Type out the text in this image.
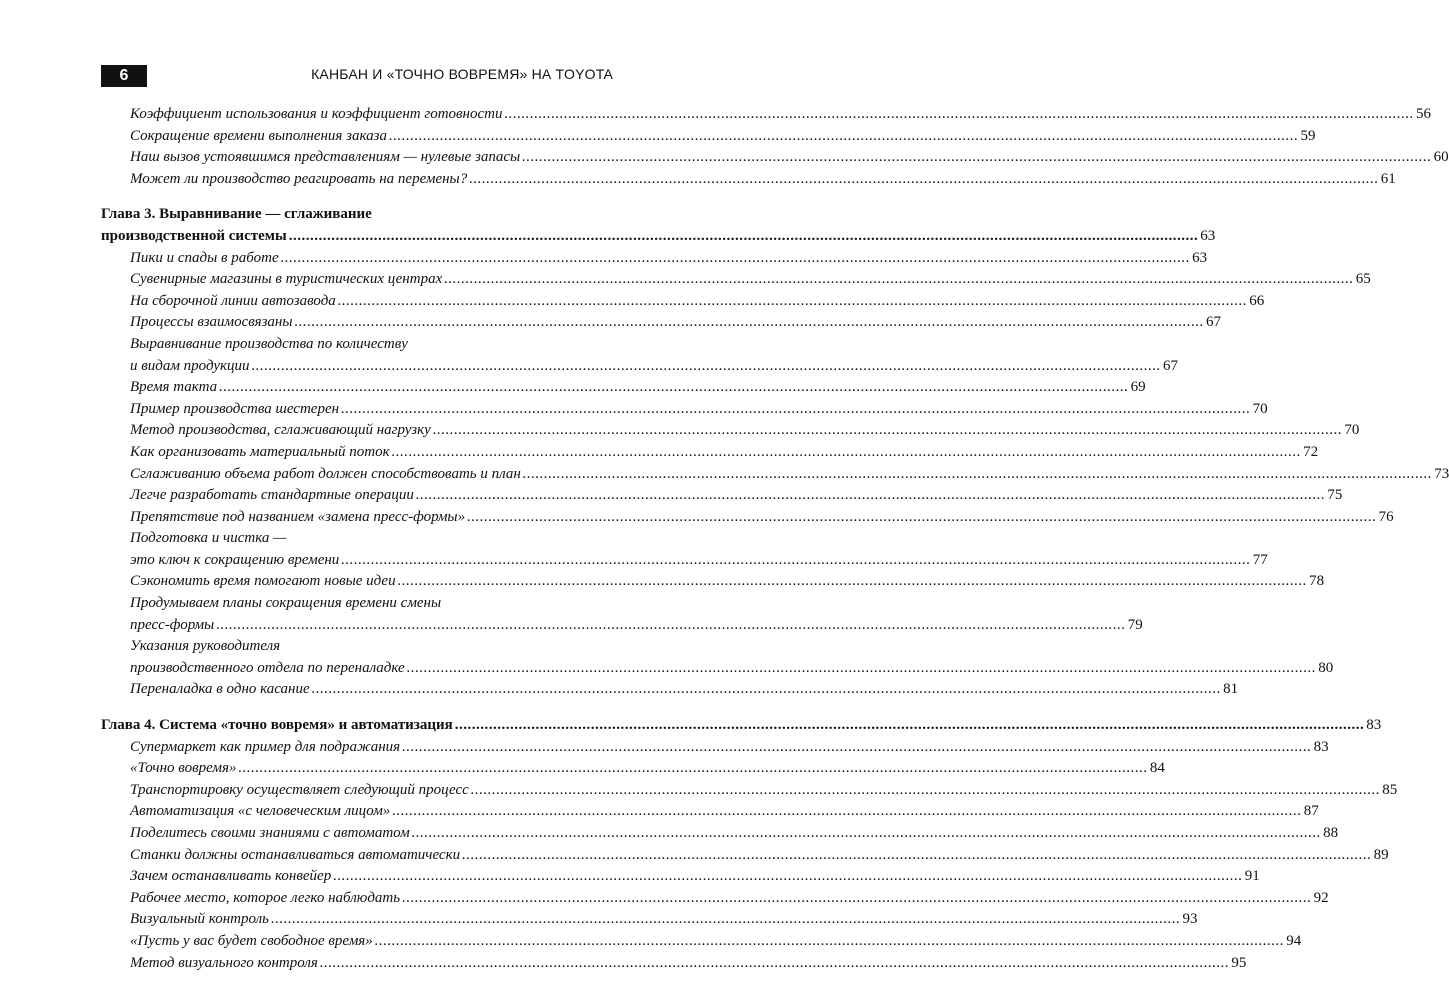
6	КАНБАН И «ТОЧНО ВОВРЕМЯ» НА TOYOTA
Коэффициент использования и коэффициент готовности .....	56
Сокращение времени выполнения заказа .....	59
Наш вызов устоявшимся представлениям — нулевые запасы .....	60
Может ли производство реагировать на перемены? .....	61
Глава 3. Выравнивание — сглаживание
производственной системы .....	63
Пики и спады в работе .....	63
Сувенирные магазины в туристических центрах .....	65
На сборочной линии автозавода .....	66
Процессы взаимосвязаны .....	67
Выравнивание производства по количеству
и видам продукции .....	67
Время такта .....	69
Пример производства шестерен .....	70
Метод производства, сглаживающий нагрузку .....	70
Как организовать материальный поток .....	72
Сглаживанию объема работ должен способствовать и план .....	73
Легче разработать стандартные операции .....	75
Препятствие под названием «замена пресс-формы» .....	76
Подготовка и чистка —
это ключ к сокращению времени .....	77
Сэкономить время помогают новые идеи .....	78
Продумываем планы сокращения времени смены
пресс-формы .....	79
Указания руководителя
производственного отдела по переналадке .....	80
Переналадка в одно касание .....	81
Глава 4. Система «точно вовремя» и автоматизация .....	83
Супермаркет как пример для подражания .....	83
«Точно вовремя» .....	84
Транспортировку осуществляет следующий процесс .....	85
Автоматизация «с человеческим лицом» .....	87
Поделитесь своими знаниями с автоматом .....	88
Станки должны останавливаться автоматически .....	89
Зачем останавливать конвейер .....	91
Рабочее место, которое легко наблюдать .....	92
Визуальный контроль .....	93
«Пусть у вас будет свободное время» .....	94
Метод визуального контроля .....	95
